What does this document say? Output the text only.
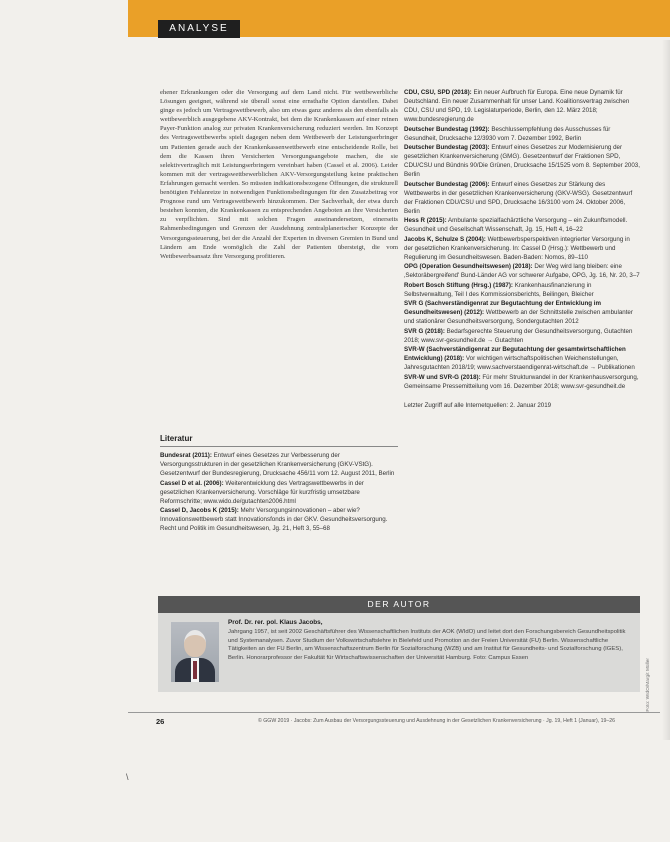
ANALYSE

ehener Erkrankungen oder die Versorgung auf dem Land nicht. Für wettbewerbliche Lösungen geeignet, während sie überall sonst eine ernsthafte Option darstellen. Dabei ginge es jedoch um Vertragswettbewerb, also um etwas ganz anderes als den ebenfalls als wettbewerblich ausgegebene AKV-Kontrakt, bei dem die Krankenkassen auf einer reinen Payer-Funktion analog zur privaten Krankenversicherung reduziert werden. Im Konzept des Vertragswettbewerbs spielt dagegen neben dem Wettbewerb der Leistungserbringer um Patienten gerade auch der Krankenkassenwettbewerb eine entscheidende Rolle, bei dem die Kassen ihren Versicherten Versorgungsangebote machen, die sie selektivvertraglich mit Leistungserbringern vereinbart haben (Cassel et al. 2006). Leider kommen mit der vertragswettbewerblichen AKV-Versorgungsteilung keine praktischen Erfahrungen gemacht werden. So müssten indikationsbezogene Öffnungen, die strukturell benötigten Fehlanreize in notwendigen Funktionsbedingungen für den Zusatzbeitrag vor Prognose rund um Vertragswettbewerb hinzukommen. Der Sachverhalt, der etwa durch bestehen konnten, die Krankenkassen zu entsprechenden Angeboten an ihre Versicherten zu verpflichten. Sind mit solchen Fragen auseinandersetzen, einerseits Rahmenbedingungen und Grenzen der Ausdehnung zentralplanerischer Konzepte der Versorgungssteuerung, bei der die Anzahl der Experten in diversen Gremien in Bund und Ländern am Ende womöglich die Zahl der Patienten übersteigt, die vom Wettbewerbsansatz ihre Versorgung profitieren.

CDU, CSU, SPD (2018): Ein neuer Aufbruch für Europa. Eine neue Dynamik für Deutschland. Ein neuer Zusammenhalt für unser Land. Koalitionsvertrag zwischen CDU, CSU und SPD, 19. Legislaturperiode, Berlin, den 12. März 2018; www.bundesregierung.de

Deutscher Bundestag (1992): Beschlussempfehlung des Ausschusses für Gesundheit, Drucksache 12/3930 vom 7. Dezember 1992, Berlin

Deutscher Bundestag (2003): Entwurf eines Gesetzes zur Modernisierung der gesetzlichen Krankenversicherung (GMG). Gesetzentwurf der Fraktionen SPD, CDU/CSU und Bündnis 90/Die Grünen, Drucksache 15/1525 vom 8. September 2003, Berlin

Deutscher Bundestag (2006): Entwurf eines Gesetzes zur Stärkung des Wettbewerbs in der gesetzlichen Krankenversicherung (GKV-WSG). Gesetzentwurf der Fraktionen CDU/CSU und SPD, Drucksache 16/3100 vom 24. Oktober 2006, Berlin

Hess R (2015): Ambulante spezialfachärztliche Versorgung – ein Zukunftsmodell. Gesundheit und Gesellschaft Wissenschaft, Jg. 15, Heft 4, 16–22

Jacobs K, Schulze S (2004): Wettbewerbsperspektiven integrierter Versorgung in der gesetzlichen Krankenversicherung. In: Cassel D (Hrsg.): Wettbewerb und Regulierung im Gesundheitswesen. Baden-Baden: Nomos, 89–110

OPG (Operation Gesundheitswesen) (2018): Der Weg wird lang bleiben: eine ‚Sektoräbergreifend' Bund-Länder AG vor schwerer Aufgabe, OPG, Jg. 16, Nr. 20, 3–7

Robert Bosch Stiftung (Hrsg.) (1987): Krankenhausfinanzierung in Selbstverwaltung, Teil I des Kommissionsberichts, Beilingen, Bleicher

SVR G (Sachverständigenrat zur Begutachtung der Entwicklung im Gesundheitswesen) (2012): Wettbewerb an der Schnittstelle zwischen ambulanter und stationärer Gesundheitsversorgung, Sondergutachten 2012

SVR G (2018): Bedarfsgerechte Steuerung der Gesundheitsversorgung, Gutachten 2018; www.svr-gesundheit.de → Gutachten

SVR-W (Sachverständigenrat zur Begutachtung der gesamtwirtschaftlichen Entwicklung) (2018): Vor wichtigen wirtschaftspolitischen Weichenstellungen, Jahresgutachten 2018/19; www.sachverstaendigenrat-wirtschaft.de → Publikationen

SVR-W und SVR-G (2018): Für mehr Strukturwandel in der Krankenhausversorgung, Gemeinsame Pressemitteilung vom 16. Dezember 2018; www.svr-gesundheit.de

Letzter Zugriff auf alle Internetquellen: 2. Januar 2019

Literatur

Bundesrat (2011): Entwurf eines Gesetzes zur Verbesserung der Versorgungsstrukturen in der gesetzlichen Krankenversicherung (GKV-VStG). Gesetzentwurf der Bundesregierung, Drucksache 456/11 vom 12. August 2011, Berlin

Cassel D et al. (2006): Weiterentwicklung des Vertragswettbewerbs in der gesetzlichen Krankenversicherung. Vorschläge für kurzfristig umsetzbare Reformschritte; www.wido.de/gutachten2006.html

Cassel D, Jacobs K (2015): Mehr Versorgungsinnovationen – aber wie? Innovationswettbewerb statt Innovationsfonds in der GKV. Gesundheitsversorgung. Recht und Politik im Gesundheitswesen, Jg. 21, Heft 3, 55–68

DER AUTOR
Prof. Dr. rer. pol. Klaus Jacobs,
Jahrgang 1957, ist seit 2002 Geschäftsführer des Wissenschaftlichen Instituts der AOK (WIdO) und leitet dort den Forschungsbereich Gesundheitspolitik und Systemanalysen. Zuvor Studium der Volkswirtschaftslehre in Bielefeld und Promotion an der Freien Universität (FU) Berlin. Wissenschaftliche Tätigkeiten an der FU Berlin, am Wissenschaftszentrum Berlin für Sozialforschung (WZB) und am Institut für Gesundheits- und Sozialforschung (IGES), Berlin. Honorarprofessor der Fakultät für Wirtschaftswissenschaften der Universität Hamburg. Foto: Campus Essen
Foto: WIdO/Margit Müller
26	© GGW 2019 · Jacobs: Zum Ausbau der Versorgungssteuerung und Ausdehnung in der Gesetzlichen Krankenversicherung · Jg. 19, Heft 1 (Januar), 19–26
\
